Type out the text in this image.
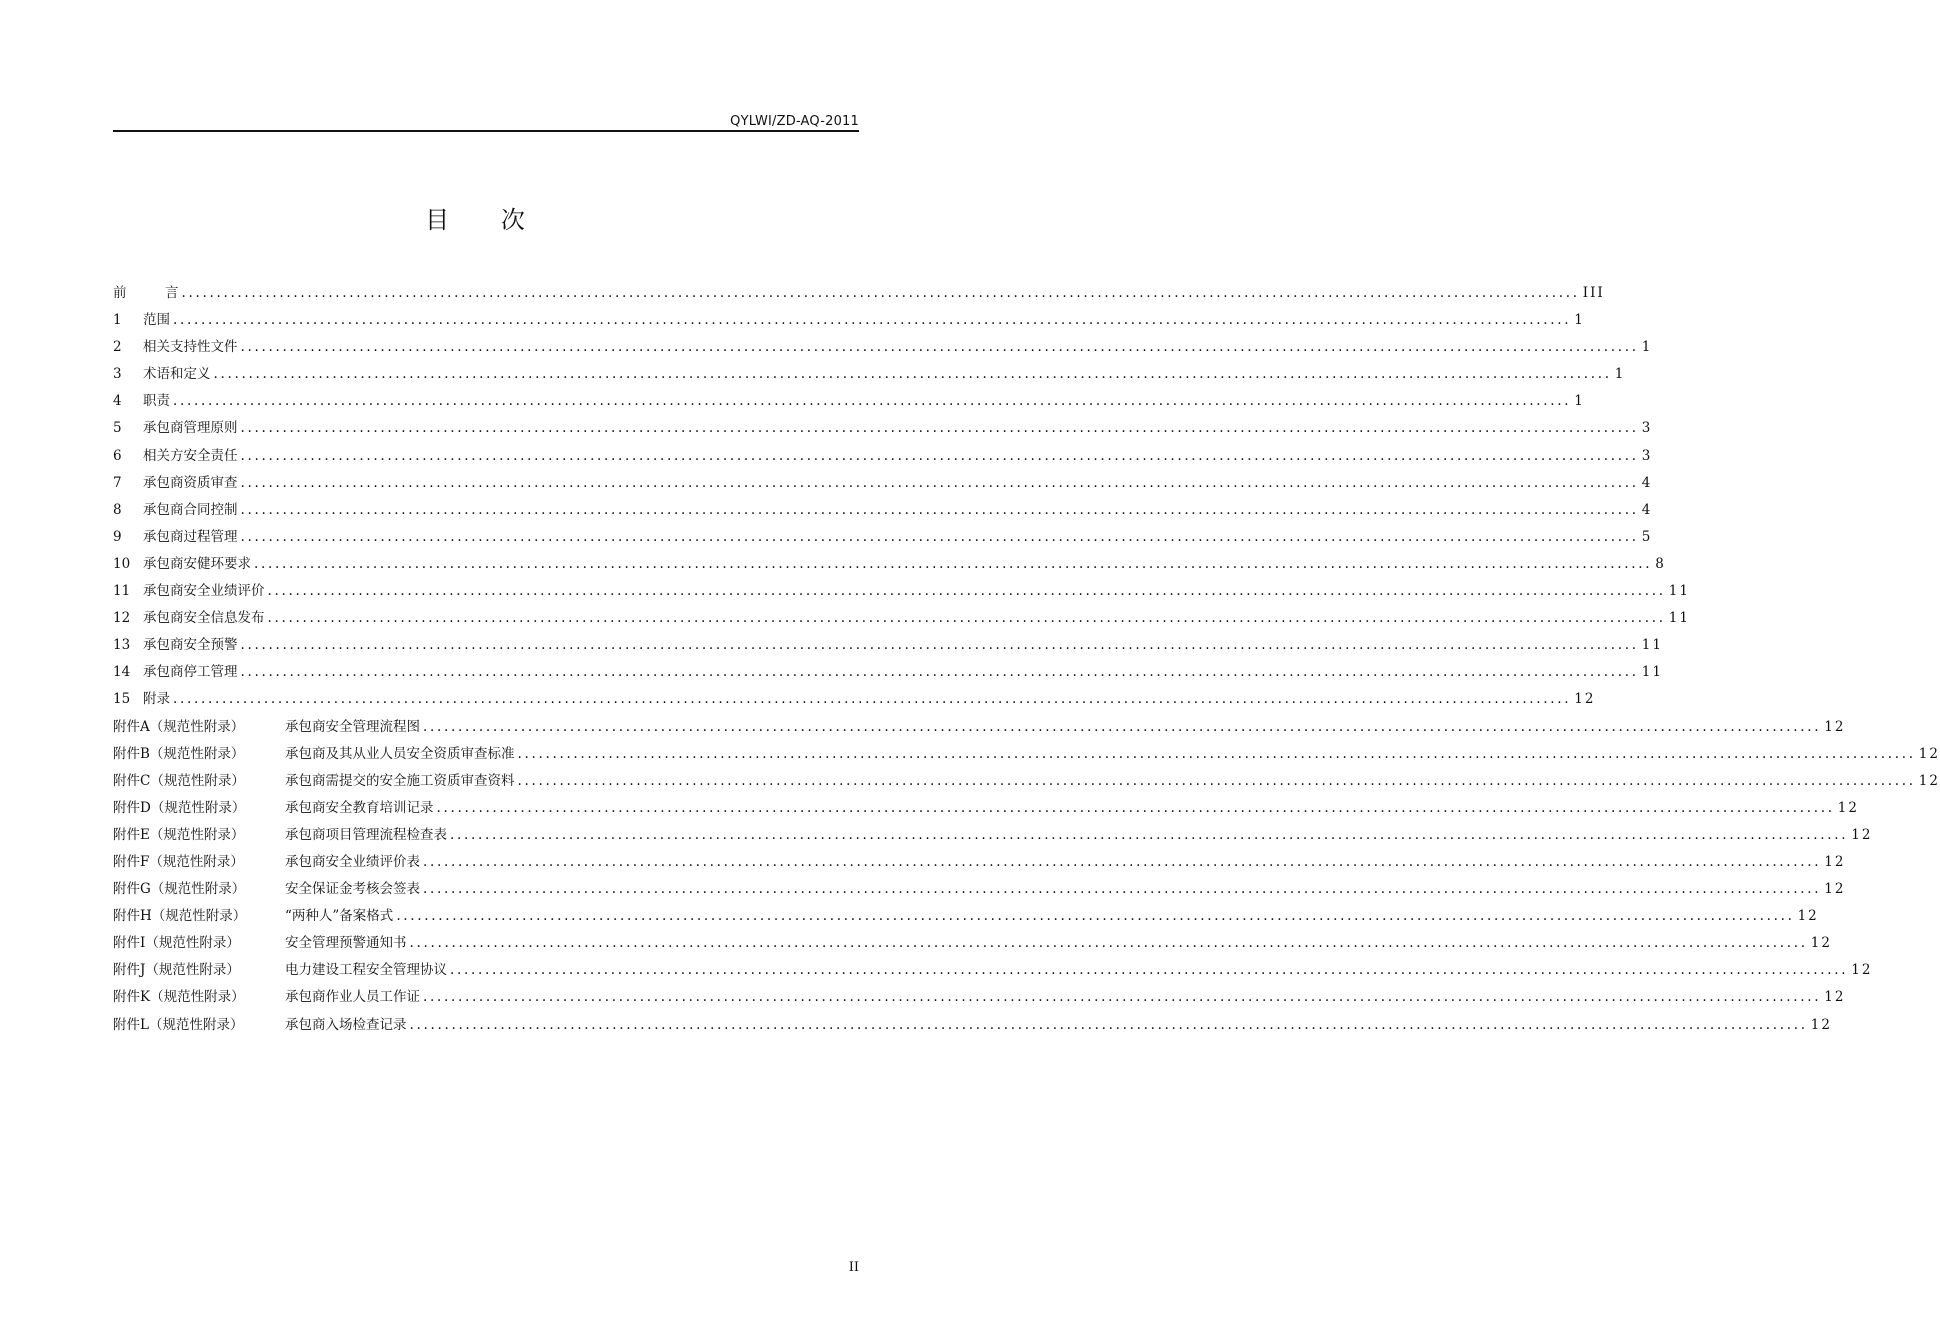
QYLWI/ZD-AQ-2011
目 次
前	言 ........................................................................................................................................................................................................ III
1	范围 ........................................................................................................................................................................................................ 1
2	相关支持性文件 ........................................................................................................................................................................................................ 1
3	术语和定义 ........................................................................................................................................................................................................ 1
4	职责 ........................................................................................................................................................................................................ 1
5	承包商管理原则 ........................................................................................................................................................................................................ 3
6	相关方安全责任 ........................................................................................................................................................................................................ 3
7	承包商资质审查 ........................................................................................................................................................................................................ 4
8	承包商合同控制 ........................................................................................................................................................................................................ 4
9	承包商过程管理 ........................................................................................................................................................................................................ 5
10 承包商安健环要求 ........................................................................................................................................................................................................ 8
11 承包商安全业绩评价 ........................................................................................................................................................................................................ 11
12 承包商安全信息发布 ........................................................................................................................................................................................................ 11
13 承包商安全预警 ........................................................................................................................................................................................................ 11
14 承包商停工管理 ........................................................................................................................................................................................................ 11
15 附录 ........................................................................................................................................................................................................ 12
附件A（规范性附录）	承包商安全管理流程图 ........................................................................................................................................................................................................ 12
附件B（规范性附录）	承包商及其从业人员安全资质审查标准 ........................................................................................................................................................................................................ 12
附件C（规范性附录）	承包商需提交的安全施工资质审查资料 ........................................................................................................................................................................................................ 12
附件D（规范性附录）	承包商安全教育培训记录 ........................................................................................................................................................................................................ 12
附件E（规范性附录）	承包商项目管理流程检查表 ........................................................................................................................................................................................................ 12
附件F（规范性附录）	承包商安全业绩评价表 ........................................................................................................................................................................................................ 12
附件G（规范性附录）	安全保证金考核会签表 ........................................................................................................................................................................................................ 12
附件H（规范性附录）	“两种人”备案格式 ........................................................................................................................................................................................................ 12
附件I（规范性附录）	安全管理预警通知书 ........................................................................................................................................................................................................ 12
附件J（规范性附录）	电力建设工程安全管理协议 ........................................................................................................................................................................................................ 12
附件K（规范性附录）	承包商作业人员工作证 ........................................................................................................................................................................................................ 12
附件L（规范性附录）	承包商入场检查记录 ........................................................................................................................................................................................................ 12
II
